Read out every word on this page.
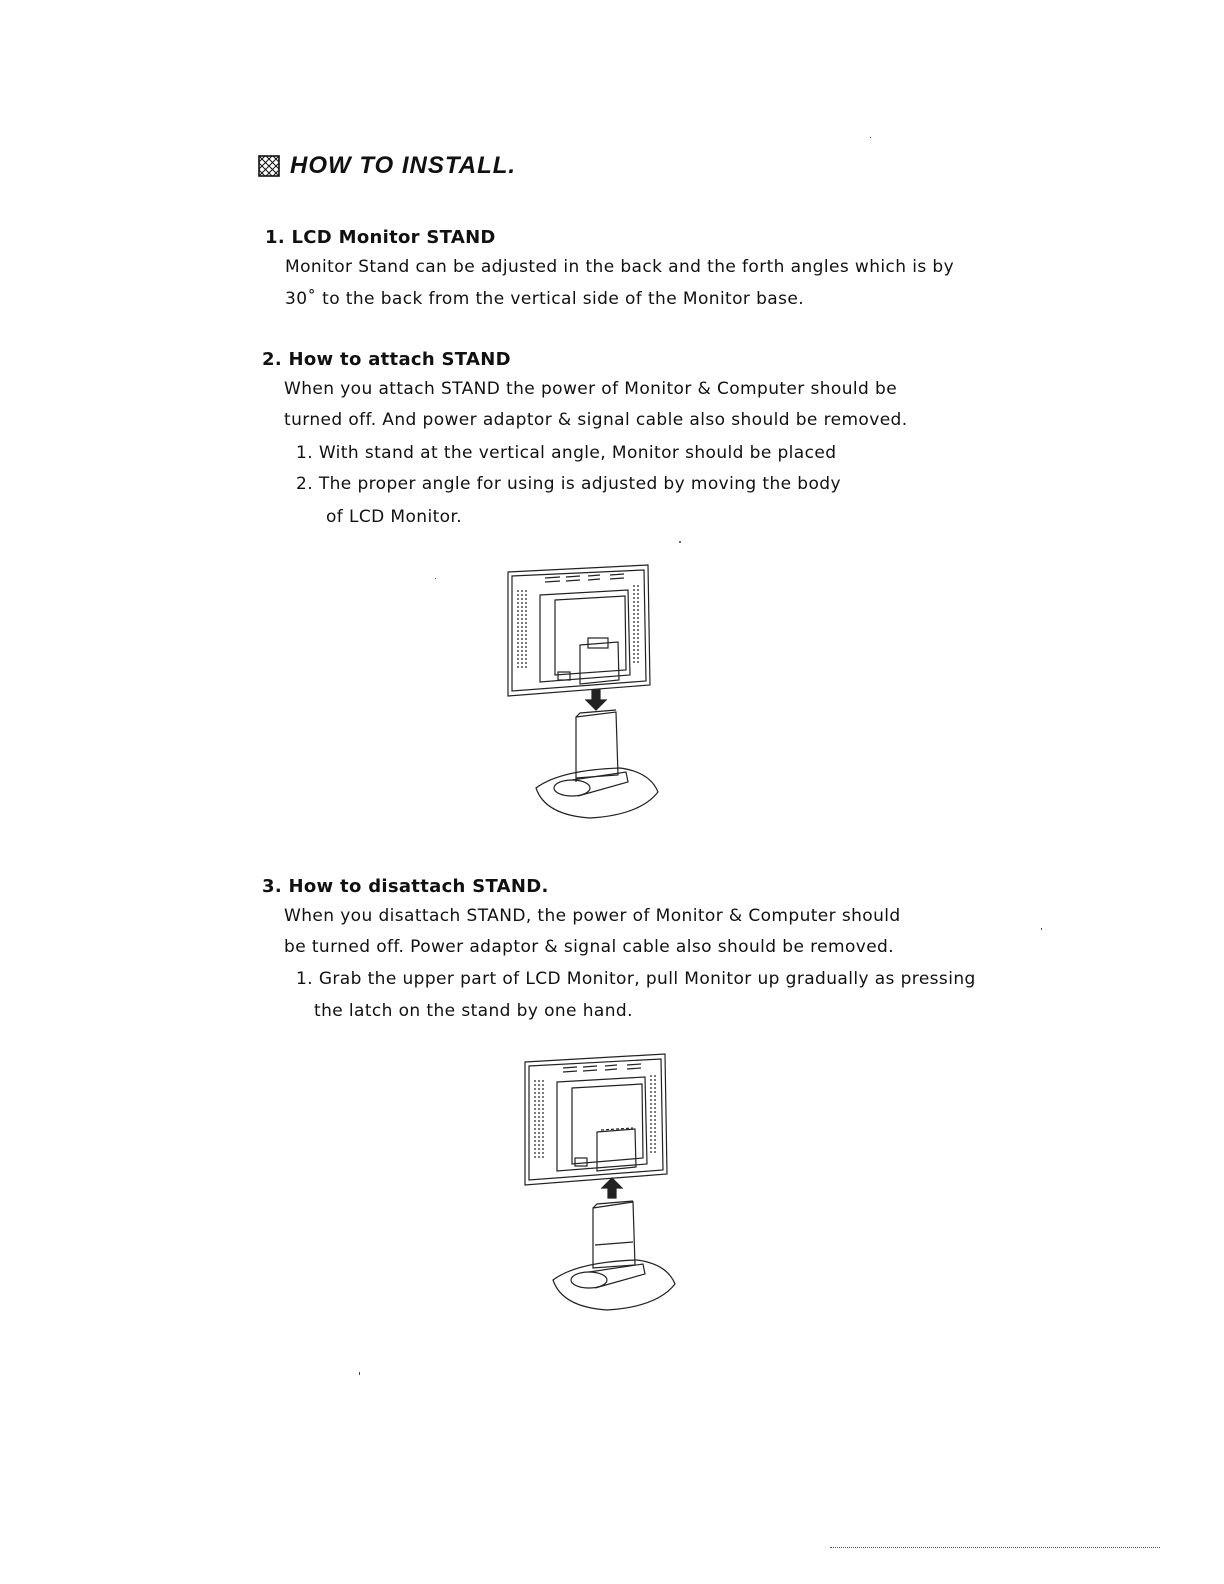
HOW TO INSTALL.
1. LCD Monitor STAND
Monitor Stand can be adjusted in the back and the forth angles which is by
30˚ to the back from the vertical side of the Monitor base.
2. How to attach STAND
When you attach STAND the power of Monitor & Computer should be
turned off. And power adaptor & signal cable also should be removed.
1. With stand at the vertical angle, Monitor should be placed
2. The proper angle for using is adjusted by moving the body
of LCD Monitor.
3. How to disattach STAND.
When you disattach STAND, the power of Monitor & Computer should
be turned off. Power adaptor & signal cable also should be removed.
1. Grab the upper part of LCD Monitor, pull Monitor up gradually as pressing
the latch on the stand by one hand.
